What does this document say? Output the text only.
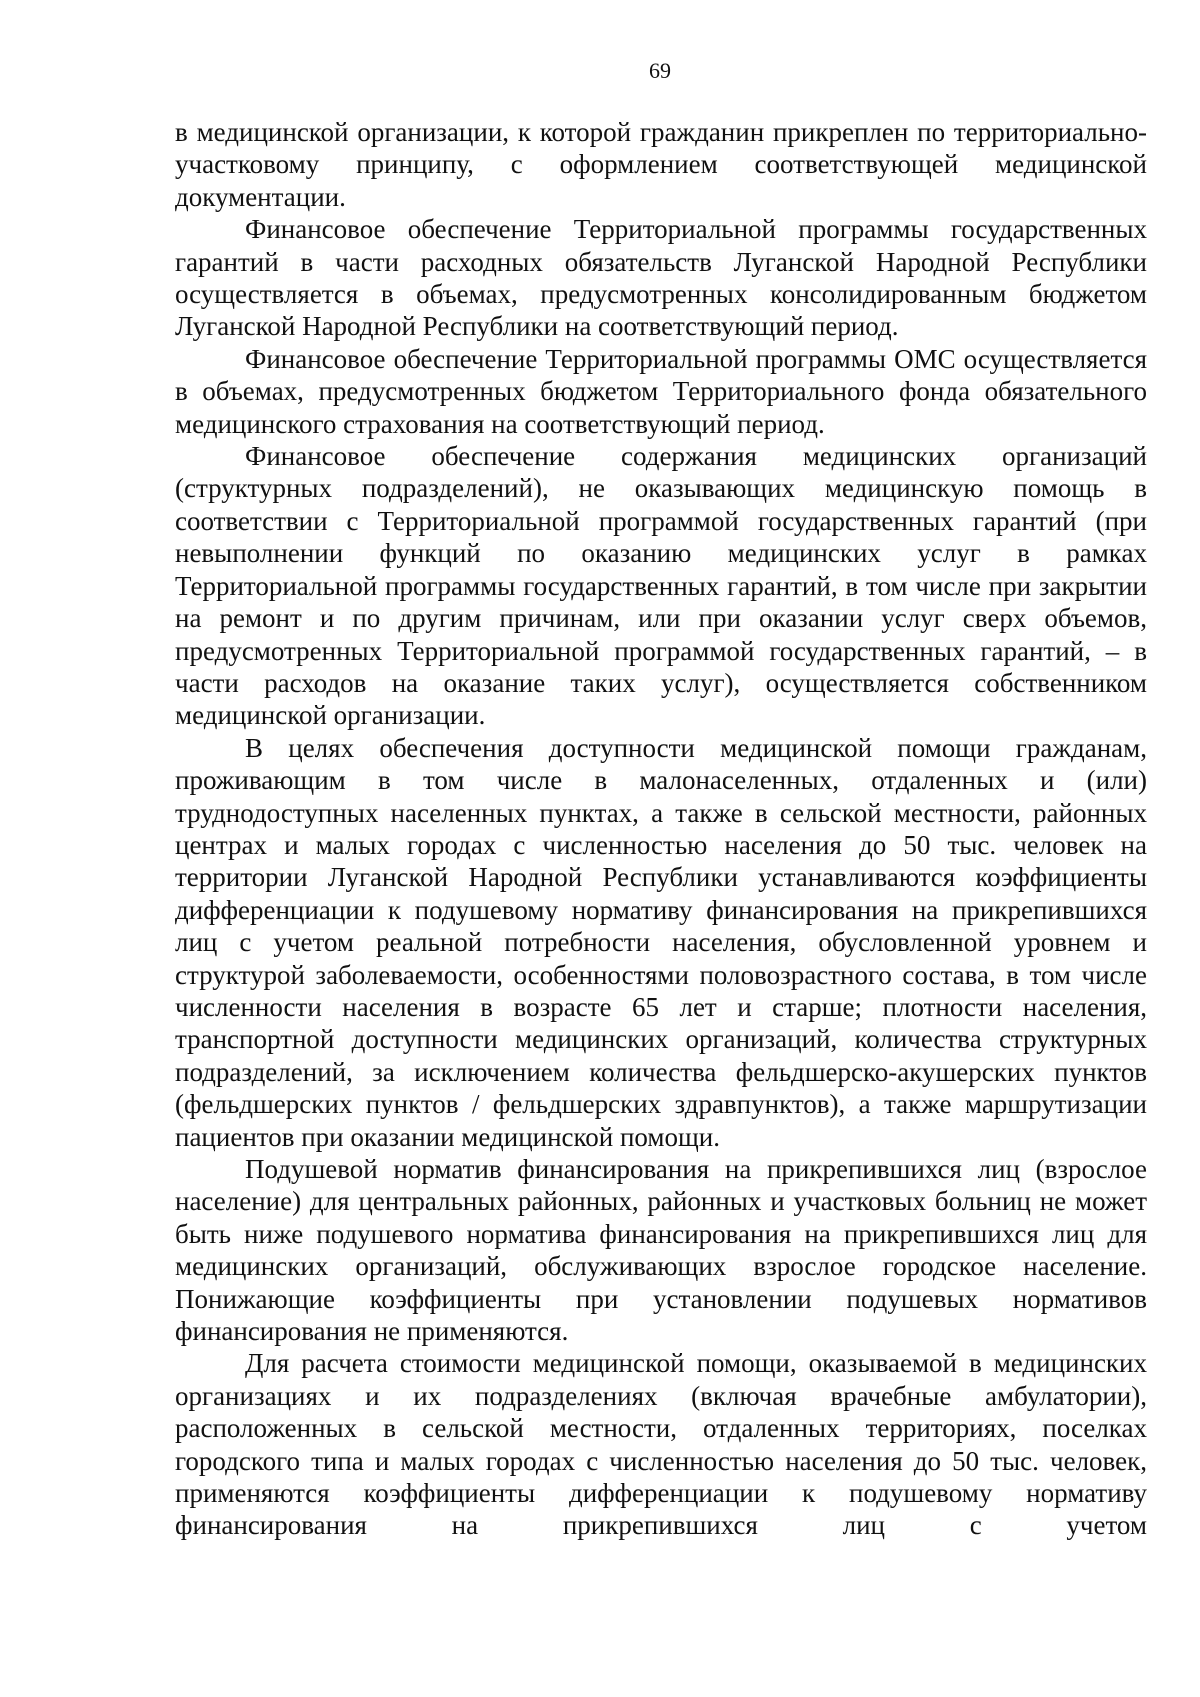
69

в медицинской организации, к которой гражданин прикреплен по территориально-участковому принципу, с оформлением соответствующей медицинской документации.

Финансовое обеспечение Территориальной программы государственных гарантий в части расходных обязательств Луганской Народной Республики осуществляется в объемах, предусмотренных консолидированным бюджетом Луганской Народной Республики на соответствующий период.

Финансовое обеспечение Территориальной программы ОМС осуществляется в объемах, предусмотренных бюджетом Территориального фонда обязательного медицинского страхования на соответствующий период.

Финансовое обеспечение содержания медицинских организаций (структурных подразделений), не оказывающих медицинскую помощь в соответствии с Территориальной программой государственных гарантий (при невыполнении функций по оказанию медицинских услуг в рамках Территориальной программы государственных гарантий, в том числе при закрытии на ремонт и по другим причинам, или при оказании услуг сверх объемов, предусмотренных Территориальной программой государственных гарантий, – в части расходов на оказание таких услуг), осуществляется собственником медицинской организации.

В целях обеспечения доступности медицинской помощи гражданам, проживающим в том числе в малонаселенных, отдаленных и (или) труднодоступных населенных пунктах, а также в сельской местности, районных центрах и малых городах с численностью населения до 50 тыс. человек на территории Луганской Народной Республики устанавливаются коэффициенты дифференциации к подушевому нормативу финансирования на прикрепившихся лиц с учетом реальной потребности населения, обусловленной уровнем и структурой заболеваемости, особенностями половозрастного состава, в том числе численности населения в возрасте 65 лет и старше; плотности населения, транспортной доступности медицинских организаций, количества структурных подразделений, за исключением количества фельдшерско-акушерских пунктов (фельдшерских пунктов / фельдшерских здравпунктов), а также маршрутизации пациентов при оказании медицинской помощи.

Подушевой норматив финансирования на прикрепившихся лиц (взрослое население) для центральных районных, районных и участковых больниц не может быть ниже подушевого норматива финансирования на прикрепившихся лиц для медицинских организаций, обслуживающих взрослое городское население. Понижающие коэффициенты при установлении подушевых нормативов финансирования не применяются.

Для расчета стоимости медицинской помощи, оказываемой в медицинских организациях и их подразделениях (включая врачебные амбулатории), расположенных в сельской местности, отдаленных территориях, поселках городского типа и малых городах с численностью населения до 50 тыс. человек, применяются коэффициенты дифференциации к подушевому нормативу финансирования на прикрепившихся лиц с учетом
